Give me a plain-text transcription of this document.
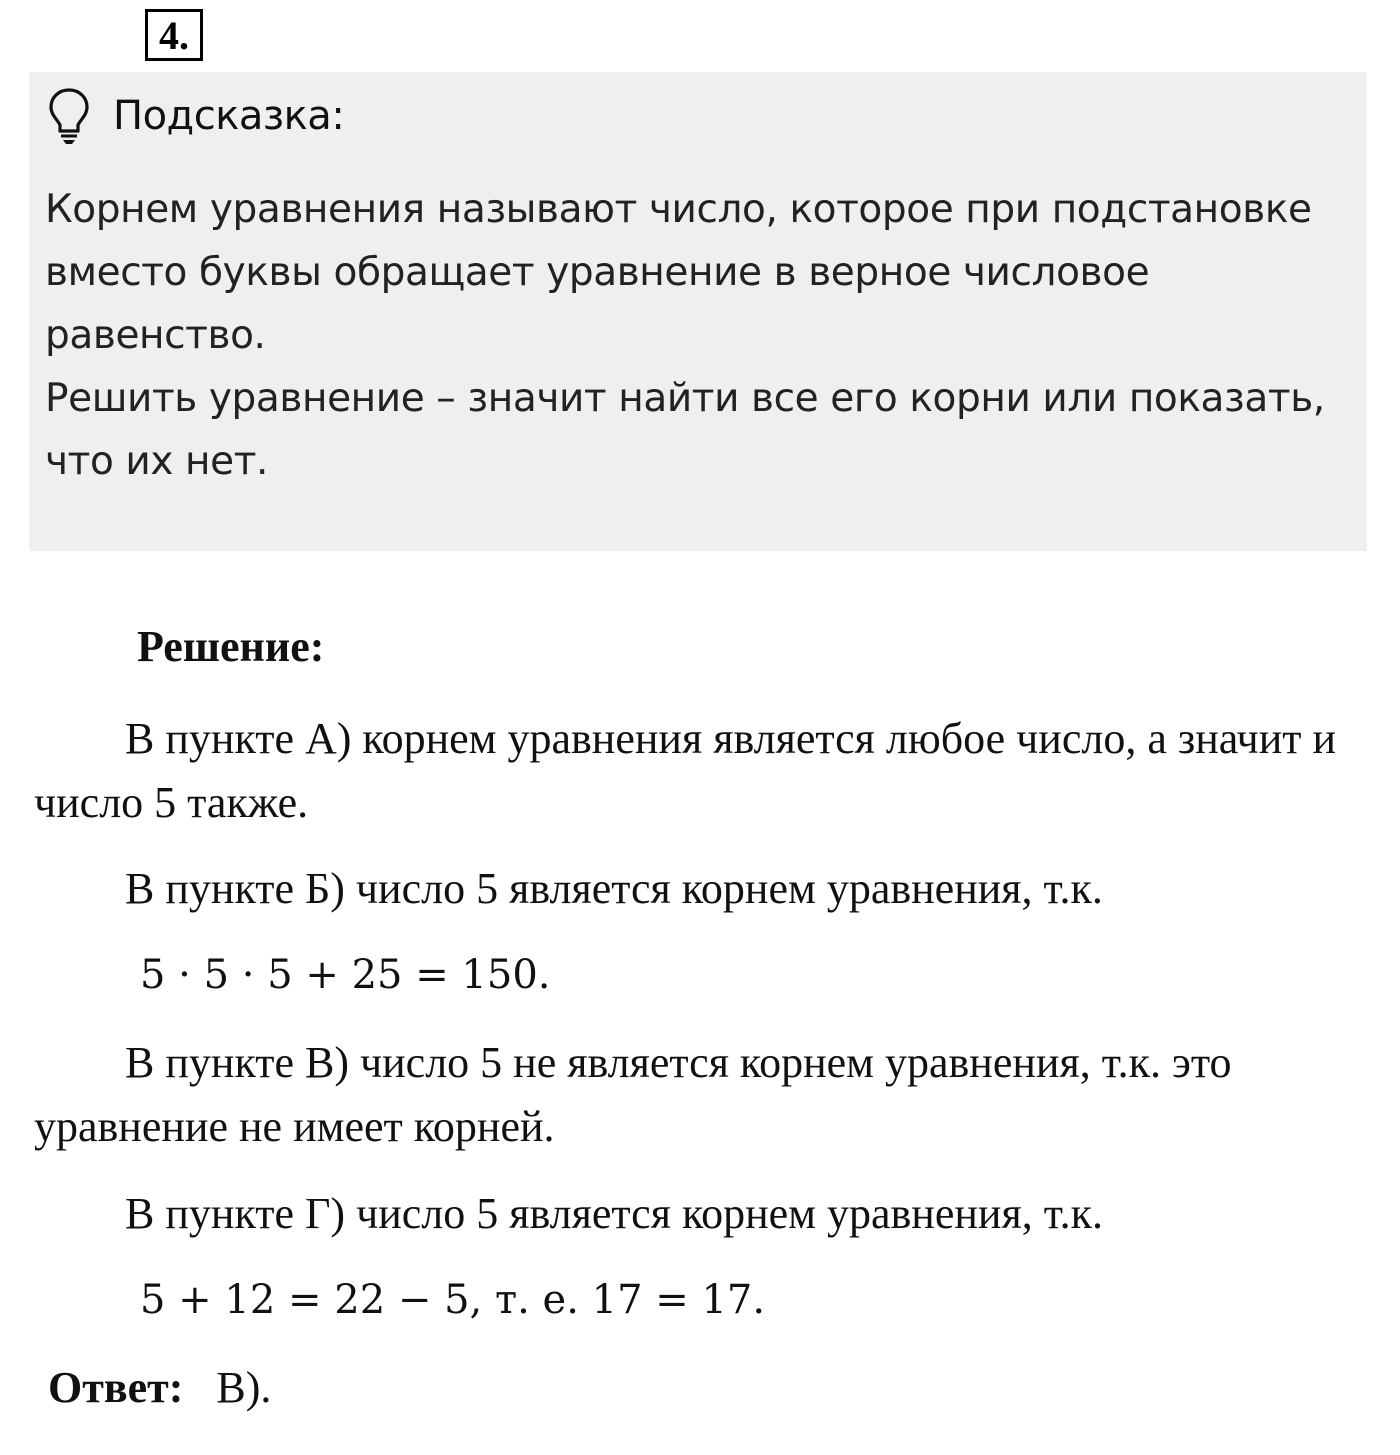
4.
Подсказка:

Корнем уравнения называют число, которое при подстановке вместо буквы обращает уравнение в верное числовое равенство.

Решить уравнение – значит найти все его корни или показать, что их нет.

Решение:

В пункте А) корнем уравнения является любое число, а значит и число 5 также.

В пункте Б) число 5 является корнем уравнения, т.к.

5 · 5 · 5 + 25 = 150.

В пункте В) число 5 не является корнем уравнения, т.к. это уравнение не имеет корней.

В пункте Г) число 5 является корнем уравнения, т.к.

5 + 12 = 22 − 5, т. е. 17 = 17.
Ответ: В).
